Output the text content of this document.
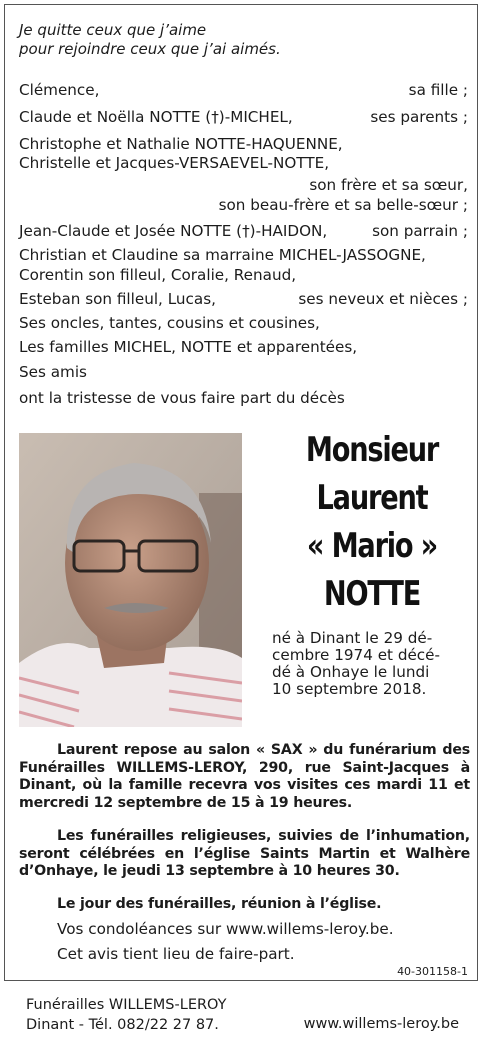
Je quitte ceux que j’aime
pour rejoindre ceux que j’ai aimés.
Clémence,	sa fille ;
Claude et Noëlla NOTTE (†)-MICHEL,	ses parents ;
Christophe et Nathalie NOTTE-HAQUENNE,
Christelle et Jacques-VERSAEVEL-NOTTE,
son frère et sa sœur,
son beau-frère et sa belle-sœur ;
Jean-Claude et Josée NOTTE (†)-HAIDON,	son parrain ;
Christian et Claudine sa marraine MICHEL-JASSOGNE,
Corentin son filleul, Coralie, Renaud,
Esteban son filleul, Lucas,	ses neveux et nièces ;
Ses oncles, tantes, cousins et cousines,
Les familles MICHEL, NOTTE et apparentées,
Ses amis
ont la tristesse de vous faire part du décès
Monsieur
Laurent
« Mario »
NOTTE
né à Dinant le 29 dé-
cembre 1974 et décé-
dé à Onhaye le lundi
10 septembre 2018.
Laurent repose au salon « SAX » du funérarium des Funérailles WILLEMS-LEROY, 290, rue Saint-Jacques à Dinant, où la famille recevra vos visites ces mardi 11 et mercredi 12 septembre de 15 à 19 heures.
Les funérailles religieuses, suivies de l’inhumation, seront célébrées en l’église Saints Martin et Walhère d’Onhaye, le jeudi 13 septembre à 10 heures 30.
Le jour des funérailles, réunion à l’église.
Vos condoléances sur www.willems-leroy.be.
Cet avis tient lieu de faire-part.
40-301158-1
Funérailles WILLEMS-LEROY
Dinant - Tél. 082/22 27 87.	www.willems-leroy.be
